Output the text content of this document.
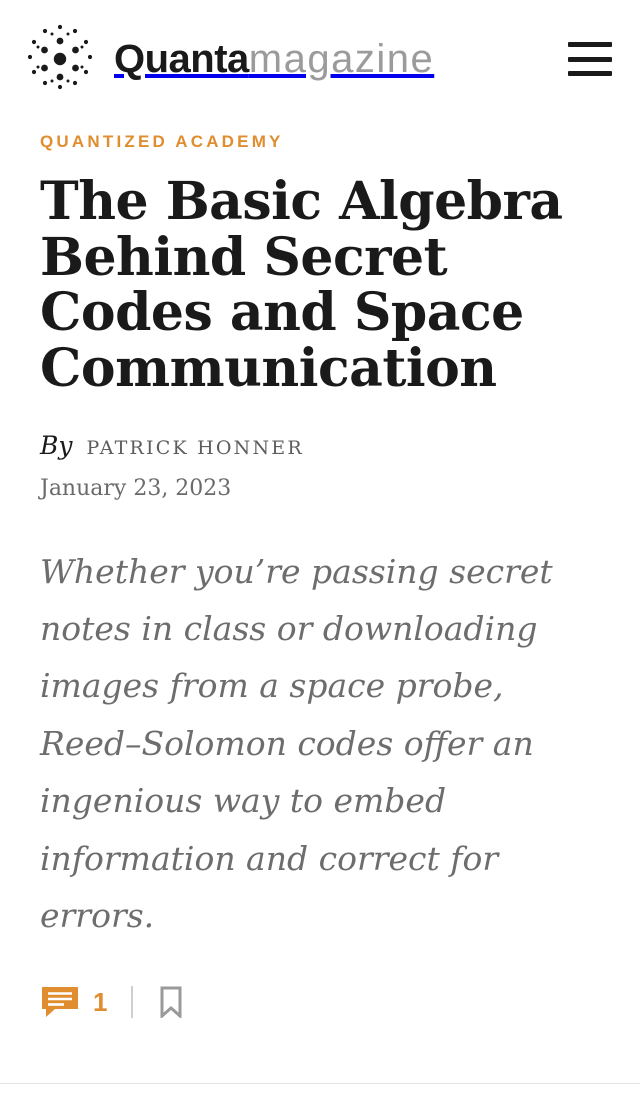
Quantamagazine
QUANTIZED ACADEMY
The Basic Algebra Behind Secret Codes and Space Communication
By PATRICK HONNER
January 23, 2023

Whether you’re passing secret notes in class or downloading images from a space probe, Reed–Solomon codes offer an ingenious way to embed information and correct for errors.

1
